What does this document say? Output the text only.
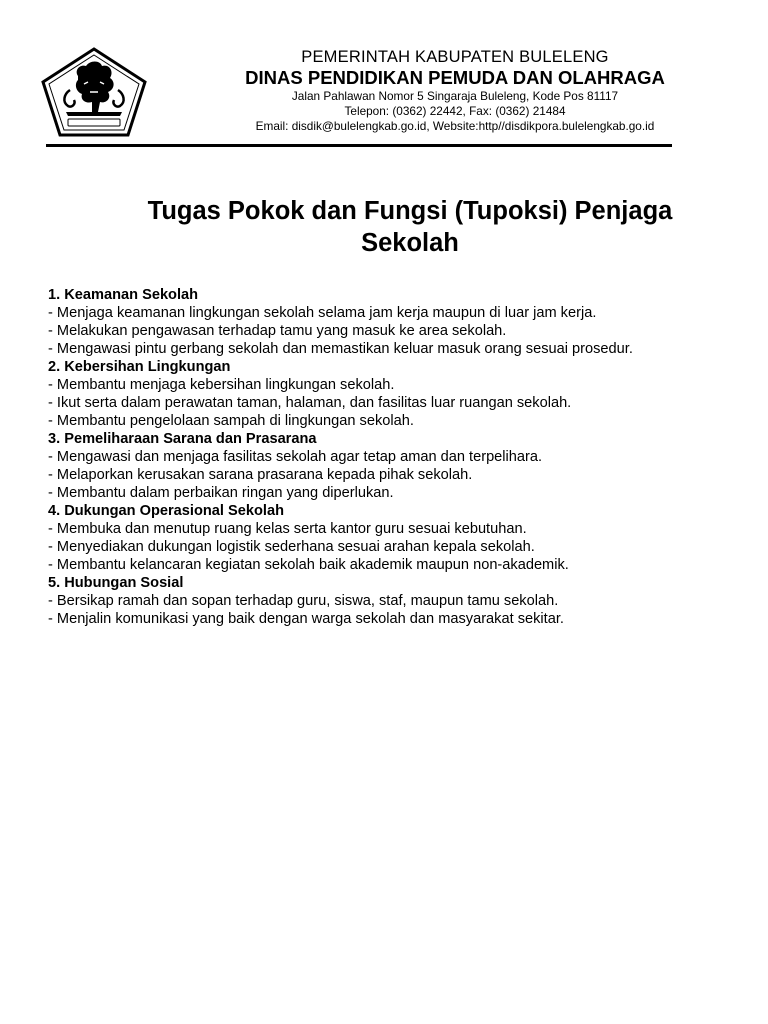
PEMERINTAH KABUPATEN BULELENG
DINAS PENDIDIKAN PEMUDA DAN OLAHRAGA
Jalan Pahlawan Nomor 5 Singaraja Buleleng, Kode Pos 81117
Telepon: (0362) 22442, Fax: (0362) 21484
Email: disdik@bulelengkab.go.id, Website:http//disdikpora.bulelengkab.go.id
Tugas Pokok dan Fungsi (Tupoksi) Penjaga
Sekolah
1. Keamanan Sekolah
- Menjaga keamanan lingkungan sekolah selama jam kerja maupun di luar jam kerja.
- Melakukan pengawasan terhadap tamu yang masuk ke area sekolah.
- Mengawasi pintu gerbang sekolah dan memastikan keluar masuk orang sesuai prosedur.
2. Kebersihan Lingkungan
- Membantu menjaga kebersihan lingkungan sekolah.
- Ikut serta dalam perawatan taman, halaman, dan fasilitas luar ruangan sekolah.
- Membantu pengelolaan sampah di lingkungan sekolah.
3. Pemeliharaan Sarana dan Prasarana
- Mengawasi dan menjaga fasilitas sekolah agar tetap aman dan terpelihara.
- Melaporkan kerusakan sarana prasarana kepada pihak sekolah.
- Membantu dalam perbaikan ringan yang diperlukan.
4. Dukungan Operasional Sekolah
- Membuka dan menutup ruang kelas serta kantor guru sesuai kebutuhan.
- Menyediakan dukungan logistik sederhana sesuai arahan kepala sekolah.
- Membantu kelancaran kegiatan sekolah baik akademik maupun non-akademik.
5. Hubungan Sosial
- Bersikap ramah dan sopan terhadap guru, siswa, staf, maupun tamu sekolah.
- Menjalin komunikasi yang baik dengan warga sekolah dan masyarakat sekitar.
